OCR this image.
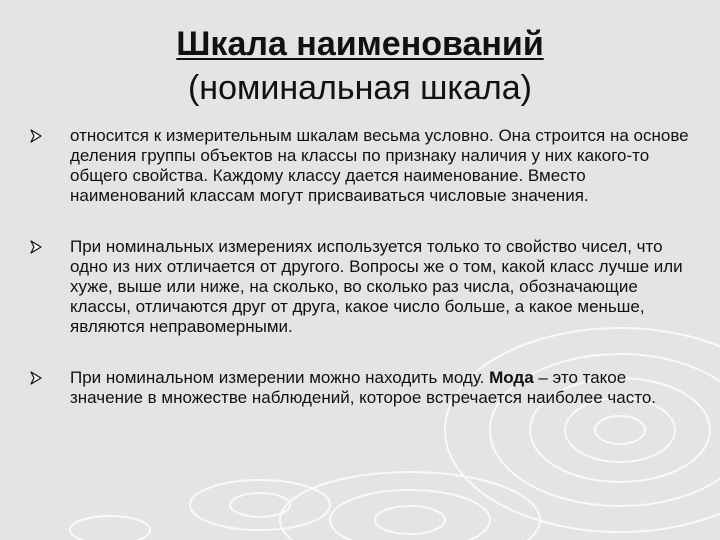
Шкала наименований
(номинальная шкала)
относится к измерительным шкалам весьма условно. Она строится на основе деления группы объектов на классы по признаку наличия у них какого-то общего свойства. Каждому классу дается наименование. Вместо наименований классам могут присваиваться числовые значения.
При номинальных измерениях используется только то свойство чисел, что одно из них отличается от другого. Вопросы же о том, какой класс лучше или хуже, выше или ниже, на сколько, во сколько раз числа, обозначающие классы, отличаются друг от друга, какое число больше, а какое меньше, являются неправомерными.
При номинальном измерении можно находить моду. Мода – это такое значение в множестве наблюдений, которое встречается наиболее часто.
